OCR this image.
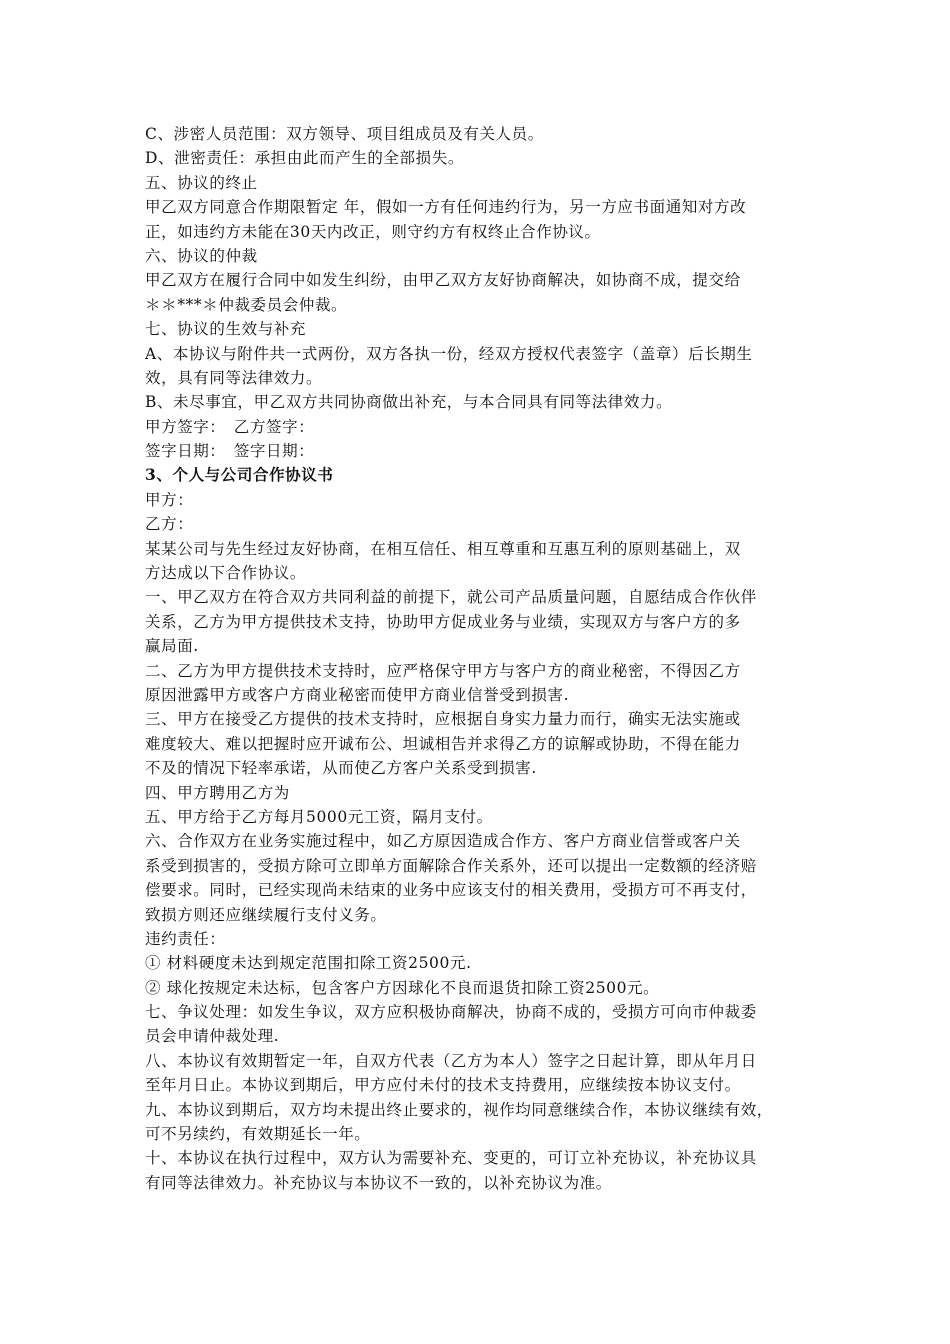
C、涉密人员范围：双方领导、项目组成员及有关人员。
D、泄密责任：承担由此而产生的全部损失。
五、协议的终止
甲乙双方同意合作期限暂定 年，假如一方有任何违约行为，另一方应书面通知对方改
正，如违约方未能在30天内改正，则守约方有权终止合作协议。
六、协议的仲裁
甲乙双方在履行合同中如发生纠纷，由甲乙双方友好协商解决，如协商不成，提交给
＊＊***＊仲裁委员会仲裁。
七、协议的生效与补充
A、本协议与附件共一式两份，双方各执一份，经双方授权代表签字（盖章）后长期生
效，具有同等法律效力。
B、未尽事宜，甲乙双方共同协商做出补充，与本合同具有同等法律效力。
甲方签字：　乙方签字：
签字日期：　签字日期：
3、个人与公司合作协议书
甲方：
乙方：
某某公司与先生经过友好协商，在相互信任、相互尊重和互惠互利的原则基础上，双
方达成以下合作协议。
一、甲乙双方在符合双方共同利益的前提下，就公司产品质量问题，自愿结成合作伙伴
关系，乙方为甲方提供技术支持，协助甲方促成业务与业绩，实现双方与客户方的多
赢局面.
二、乙方为甲方提供技术支持时，应严格保守甲方与客户方的商业秘密，不得因乙方
原因泄露甲方或客户方商业秘密而使甲方商业信誉受到损害.
三、甲方在接受乙方提供的技术支持时，应根据自身实力量力而行，确实无法实施或
难度较大、难以把握时应开诚布公、坦诚相告并求得乙方的谅解或协助，不得在能力
不及的情况下轻率承诺，从而使乙方客户关系受到损害.
四、甲方聘用乙方为
五、甲方给于乙方每月5000元工资，隔月支付。
六、合作双方在业务实施过程中，如乙方原因造成合作方、客户方商业信誉或客户关
系受到损害的，受损方除可立即单方面解除合作关系外，还可以提出一定数额的经济赔
偿要求。同时，已经实现尚未结束的业务中应该支付的相关费用，受损方可不再支付，
致损方则还应继续履行支付义务。
违约责任：
① 材料硬度未达到规定范围扣除工资2500元.
② 球化按规定未达标，包含客户方因球化不良而退货扣除工资2500元。
七、争议处理：如发生争议，双方应积极协商解决，协商不成的，受损方可向市仲裁委
员会申请仲裁处理.
八、本协议有效期暂定一年，自双方代表（乙方为本人）签字之日起计算，即从年月日
至年月日止。本协议到期后，甲方应付未付的技术支持费用，应继续按本协议支付。
九、本协议到期后，双方均未提出终止要求的，视作均同意继续合作，本协议继续有效，
可不另续约，有效期延长一年。
十、本协议在执行过程中，双方认为需要补充、变更的，可订立补充协议，补充协议具
有同等法律效力。补充协议与本协议不一致的，以补充协议为准。
